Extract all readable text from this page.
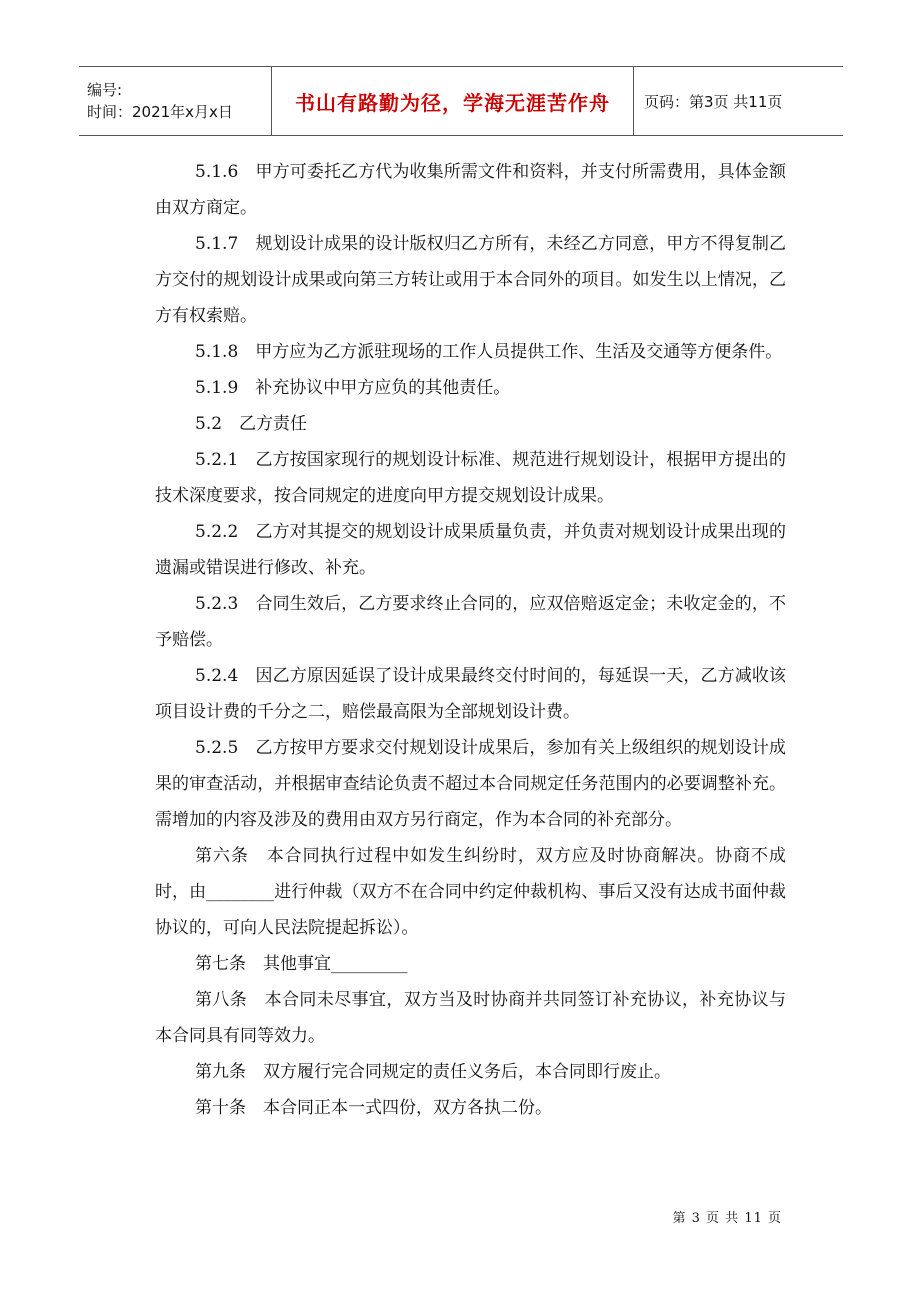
编号:
时间：2021年x月x日	书山有路勤为径，学海无涯苦作舟 页码：第3页 共11页

5.1.6　甲方可委托乙方代为收集所需文件和资料，并支付所需费用，具体金额由双方商定。

5.1.7　规划设计成果的设计版权归乙方所有，未经乙方同意，甲方不得复制乙方交付的规划设计成果或向第三方转让或用于本合同外的项目。如发生以上情况，乙方有权索赔。

5.1.8　甲方应为乙方派驻现场的工作人员提供工作、生活及交通等方便条件。

5.1.9　补充协议中甲方应负的其他责任。

5.2　乙方责任

5.2.1　乙方按国家现行的规划设计标准、规范进行规划设计，根据甲方提出的技术深度要求，按合同规定的进度向甲方提交规划设计成果。

5.2.2　乙方对其提交的规划设计成果质量负责，并负责对规划设计成果出现的遗漏或错误进行修改、补充。

5.2.3　合同生效后，乙方要求终止合同的，应双倍赔返定金；未收定金的，不予赔偿。

5.2.4　因乙方原因延误了设计成果最终交付时间的，每延误一天，乙方减收该项目设计费的千分之二，赔偿最高限为全部规划设计费。

5.2.5　乙方按甲方要求交付规划设计成果后，参加有关上级组织的规划设计成果的审查活动，并根据审查结论负责不超过本合同规定任务范围内的必要调整补充。需增加的内容及涉及的费用由双方另行商定，作为本合同的补充部分。

第六条　本合同执行过程中如发生纠纷时，双方应及时协商解决。协商不成时，由________进行仲裁（双方不在合同中约定仲裁机构、事后又没有达成书面仲裁协议的，可向人民法院提起拆讼）。

第七条　其他事宜_________

第八条　本合同未尽事宜，双方当及时协商并共同签订补充协议，补充协议与本合同具有同等效力。

第九条　双方履行完合同规定的责任义务后，本合同即行废止。

第十条　本合同正本一式四份，双方各执二份。

第 3 页 共 11 页
